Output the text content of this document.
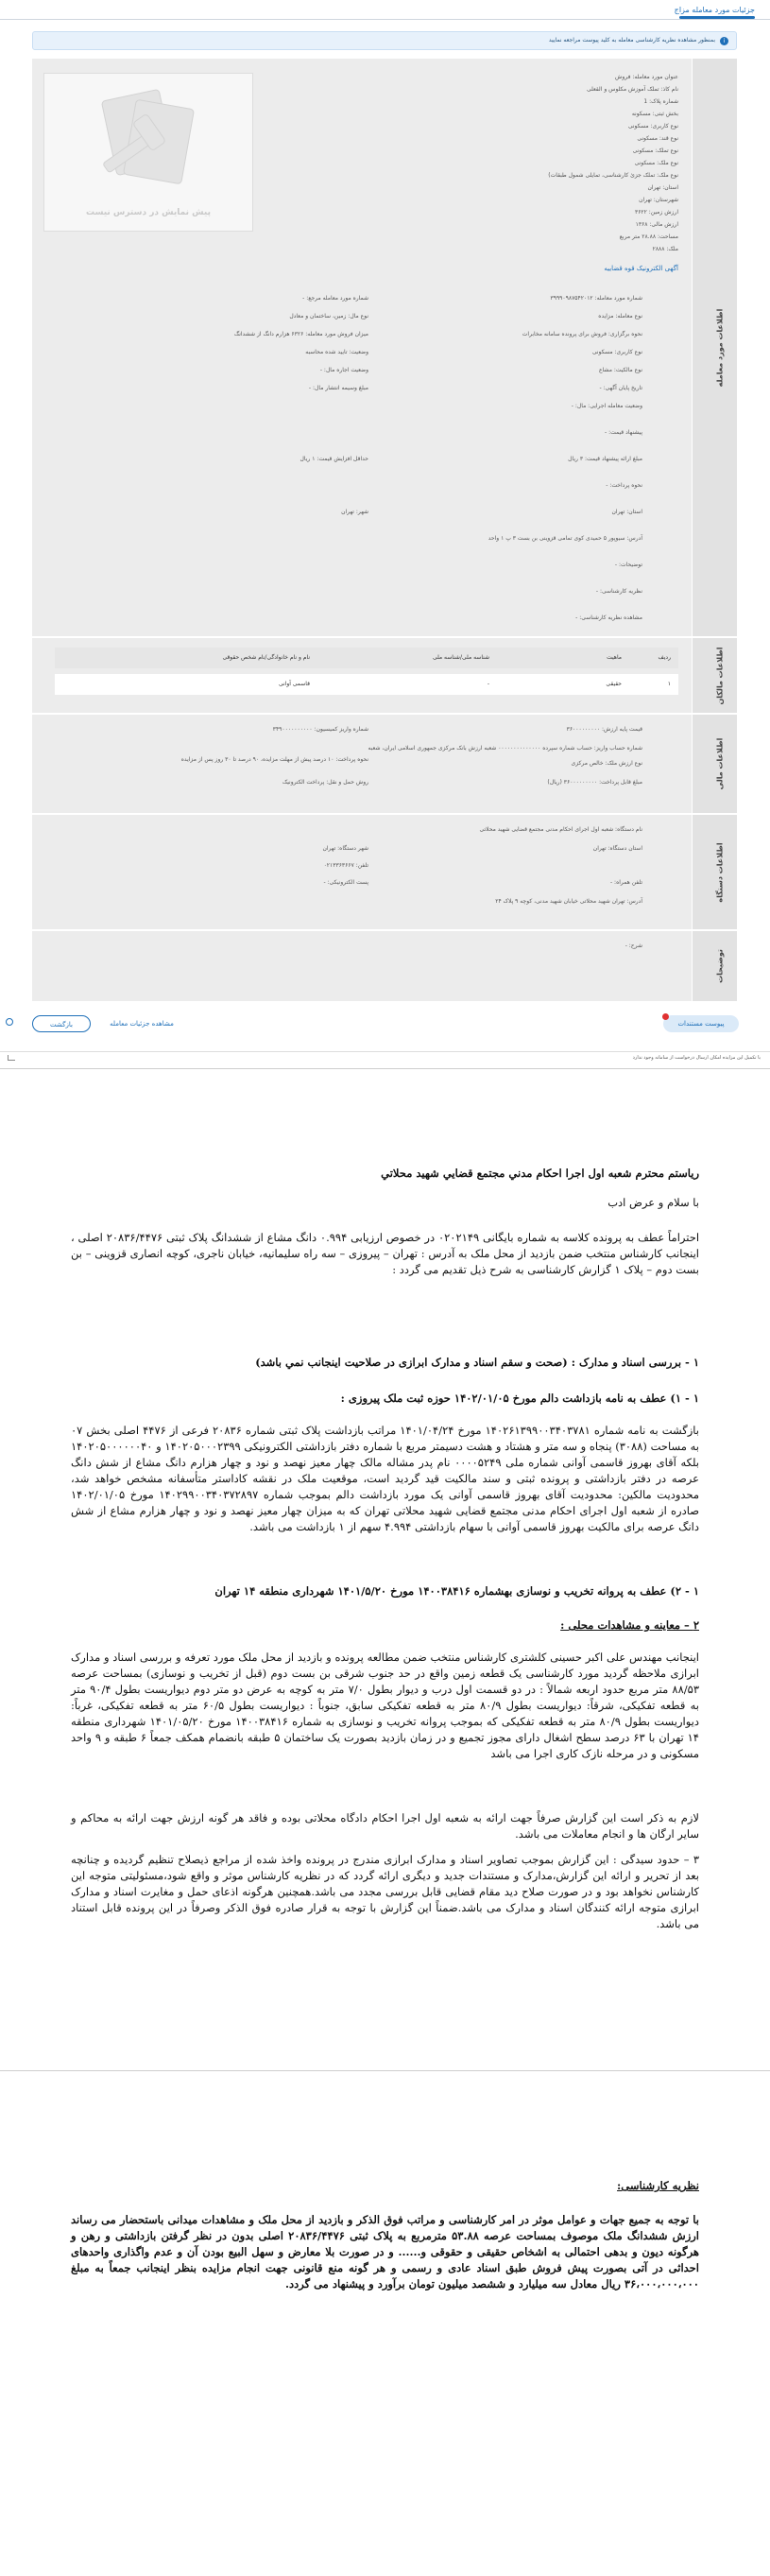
جزئیات مورد معامله مزاج
i
بمنظور مشاهده نظریه کارشناسی معامله به کلید پیوست مراجعه نمایید
اطلاعات مورد معامله
عنوان مورد معامله: فروش
نام کاذ: تملک آموزش مکلوس و القعلی
شماره پلاک: 1
بخش ثبتی: مسکونه
نوع کاربری: مسکونی
نوع قند: مسکونی
نوع تملک: مسکونی
نوع ملک: مسکونی
نوع ملک: تملک جزئ کارشناسی، تمایلی شمول طبقات)
استان: تهران
شهرستان: تهران
ارزش زمین: ۳۶۲۲
ارزش مالی: ۱۳۶۸
مساحت: ۲۸.۸۸ متر مربع
ملک: ۲۸۸۸
آگهی الکترونیک قوه قضاییه
پیش نمایش در دسترس نیست
شماره مورد معامله: ۳۹۹۹۰۹۸۷۵۴۲۰۱۲
شماره مورد معامله مرجع: -
نوع معامله: مزایده
نوع مال: زمین، ساختمان و معادل
نحوه برگزاری: فروش برای پرونده سامانه مخابرات
میزان فروش مورد معامله: ۶۳۲۶ هزارم دانگ از ششدانگ
نوع کاربری: مسکونی
وضعیت: تایید شده محاسبه
نوع مالکیت: مشاع
وضعیت اجاره مال: -
تاریخ پایان آگهی: -
مبلغ وسیمه انتشار مال: -
وضعیت معامله اجرایی: مال: -
پیشنهاد قیمت: -
مبلغ ارائه پیشنهاد قیمت: ۳ ریال
حداقل افزایش قیمت: ۱ ریال
نحوه پرداخت: -
استان: تهران
شهر: تهران
آدرس: سیوپور ۵ حمیدی کوی تمامی قزوینی بن بست ۳ پ ۱ واحد
توضیحات: -
نظریه کارشناسی: -
مشاهده نظریه کارشناسی: -
اطلاعات مالکان
ردیف
ماهیت
شناسه ملی/شناسه ملی
نام و نام خانوادگی/نام شخص حقوقی
۱
حقیقی
-
قاسمی آوانی
اطلاعات مالی
قیمت پایه ارزش: ۳۶۰۰۰۰۰۰۰۰۰
شماره واریز کمیسیون: ۳۴۹۰۰۰۰۰۰۰۰۰۰
شماره حساب واریز: حساب شماره سپرده ۰۰۰۰۰۰۰۰۰۰۰۰۰۰ شعبه ارزش بانک مرکزی جمهوری اسلامی ایران، شعبه
نحوه پرداخت: ۱۰ درصد پیش از مهلت مزایده، ۹۰ درصد تا ۳۰ روز پس از مزایده
نوع ارزش ملک: خالص مرکزی
مبلغ قابل پرداخت: ۳۶۰۰۰۰۰۰۰۰۰ (ریال)
روش حمل و نقل: پرداخت الکترونیک
اطلاعات دستگاه
نام دستگاه: شعبه اول اجرای احکام مدنی مجتمع قضایی شهید محلاتی
استان دستگاه: تهران
شهر دستگاه: تهران
تلفن: ۰۲۱۳۳۶۳۶۶۷
تلفن همراه: -
پست الکترونیکی: -
آدرس: تهران شهید محلاتی خیابان شهید مدنی، کوچه ۹ پلاک ۲۴
توضیحات
شرح: -
پیوست مستندات
مشاهده جزئیات معامله
بازگشت
با تکمیل این مزایده امکان ارسال درخواست از سامانه وجود ندارد

ریاستم محترم شعبه اول اجرا احکام مدني مجتمع قضايي شهيد محلاتي

با سلام و عرض ادب

احتراماً عطف به پرونده کلاسه به شماره بایگانی ۰۲۰۲۱۴۹ در خصوص ارزیابی ۰.۹۹۴ دانگ مشاع از ششدانگ پلاک ثبتی ۲۰۸۳۶/۴۴۷۶ اصلی ، اینجانب کارشناس منتخب ضمن بازدید از محل ملک به آدرس : تهران – پیروزی – سه راه سلیمانیه، خیابان ناجری، کوچه انصاری قزوینی – بن بست دوم – پلاک ۱ گزارش کارشناسی به شرح ذیل تقدیم می گردد :

۱ - بررسی اسناد و مدارک : (صحت و سقم اسناد و مدارک ابرازی در صلاحیت اینجانب نمي باشد)

۱ - ۱) عطف به نامه بازداشت دالم مورخ ۱۴۰۲/۰۱/۰۵ حوزه ثبت ملک پیروزی :

بازگشت به نامه شماره ۱۴۰۲۶۱۳۹۹۰۰۳۴۰۳۷۸۱ مورخ ۱۴۰۱/۰۴/۲۴ مراتب بازداشت پلاک ثبتی شماره ۲۰۸۳۶ فرعی از ۴۴۷۶ اصلی بخش ۰۷ به مساحت (۳۰۸۸) پنجاه و سه متر و هشتاد و هشت دسیمتر مربع با شماره دفتر بازداشتی الکترونیکی ۱۴۰۲۰۵۰۰۰۲۳۹۹ و ۱۴۰۲۰۵۰۰۰۰۰۰۴۰ بلکه آقای بهروز قاسمی آوانی شماره ملی ۰۰۰۰۵۲۴۹ نام پدر مشاله مالک چهار معیز نهصد و نود و چهار هزارم دانگ مشاع از شش دانگ عرصه در دفتر بازداشتی و پرونده ثبتی و سند مالکیت قید گردید است، موقعیت ملک در نقشه کاداستر متأسفانه مشخص خواهد شد، محدودیت مالکین: محدودیت آقای بهروز قاسمی آوانی یک مورد بازداشت دالم بموجب شماره ۱۴۰۲۹۹۰۰۳۴۰۳۷۲۸۹۷ مورخ ۱۴۰۲/۰۱/۰۵ صادره از شعبه اول اجرای احکام مدنی مجتمع قضایی شهید محلاتی تهران که به میزان چهار معیز نهصد و نود و چهار هزارم مشاع از شش دانگ عرصه برای مالکیت بهروز قاسمی آوانی با سهام بازداشتی ۴.۹۹۴ سهم از ۱ بازداشت می باشد.

۱ - ۲) عطف به پروانه تخریب و نوسازی بهشماره ۱۴۰۰۳۸۴۱۶ مورخ ۱۴۰۱/۵/۲۰ شهرداری منطقه ۱۴ تهران

۲ – معاینه و مشاهدات محلی :

اینجانب مهندس علی اکبر حسینی کلشتری کارشناس منتخب ضمن مطالعه پرونده و بازدید از محل ملک مورد تعرفه و بررسی اسناد و مدارک ابرازی ملاحظه گردید مورد کارشناسی یک قطعه زمین واقع در حد جنوب شرقی بن بست دوم (قبل از تخریب و نوسازی) بمساحت عرصه ۸۸/۵۳ متر مربع حدود اربعه شمالاً : در دو قسمت اول درب و دیوار بطول ۷/۰ متر به کوچه به عرض دو متر دوم دیواریست بطول ۹۰/۴ متر به قطعه تفکیکی، شرقاً: دیواریست بطول ۸۰/۹ متر به قطعه تفکیکی سابق، جنوباً : دیواریست بطول ۶۰/۵ متر به قطعه تفکیکی، غرباً: دیواریست بطول ۸۰/۹ متر به قطعه تفکیکی که بموجب پروانه تخریب و نوسازی به شماره ۱۴۰۰۳۸۴۱۶ مورخ ۱۴۰۱/۰۵/۲۰ شهرداری منطقه ۱۴ تهران با ۶۳ درصد سطح اشغال دارای مجوز تجمیع و در زمان بازدید بصورت یک ساختمان ۵ طبقه بانضمام همکف جمعاً ۶ طبقه و ۹ واحد مسکونی و در مرحله نازک کاری اجرا می باشد

لازم به ذکر است این گزارش صرفاً جهت ارائه به شعبه اول اجرا احکام دادگاه محلاتی بوده و فاقد هر گونه ارزش جهت ارائه به محاکم و سایر ارگان ها و انجام معاملات می باشد.

۳ – حدود سیدگی : این گزارش بموجب تصاویر اسناد و مدارک ابرازی مندرج در پرونده واخذ شده از مراجع ذیصلاح تنظیم گردیده و چنانچه بعد از تحریر و ارائه این گزارش،مدارک و مستندات جدید و دیگری ارائه گردد که در نظریه کارشناس موثر و واقع شود،مسئولیتی متوجه این کارشناس نخواهد بود و در صورت صلاح دید مقام قضایی قابل بررسی مجدد می باشد.همچنین هرگونه اذعای حمل و مغایرت اسناد و مدارک ابرازی متوجه ارائه کنندگان اسناد و مدارک می باشد.ضمناً این گزارش با توجه به قرار صادره فوق الذکر وصرفاً در این پرونده قابل استناد می باشد.

نظریه کارشناسی:

با توجه به جمیع جهات و عوامل موثر در امر کارشناسی و مراتب فوق الذکر و بازدید از محل ملک و مشاهدات میدانی باستحضار می رساند ارزش ششدانگ ملک موصوف بمساحت عرصه ۵۳.۸۸ مترمربع به پلاک ثبتی ۲۰۸۳۶/۴۴۷۶ اصلی بدون در نظر گرفتن بازداشتی و رهن و هرگونه دیون و بدهی احتمالی به اشخاص حقیقی و حقوقی و...... و در صورت بلا معارض و سهل البیع بودن آن و عدم واگذاری واحدهای احداثی در آتی بصورت پیش فروش طبق اسناد عادی و رسمی و هر گونه منع قانونی جهت انجام مزایده بنظر اینجانب جمعاً به مبلغ ۳۶،۰۰۰،۰۰۰،۰۰۰ ریال معادل سه میلیارد و ششصد میلیون تومان برآورد و پیشنهاد می گردد.
